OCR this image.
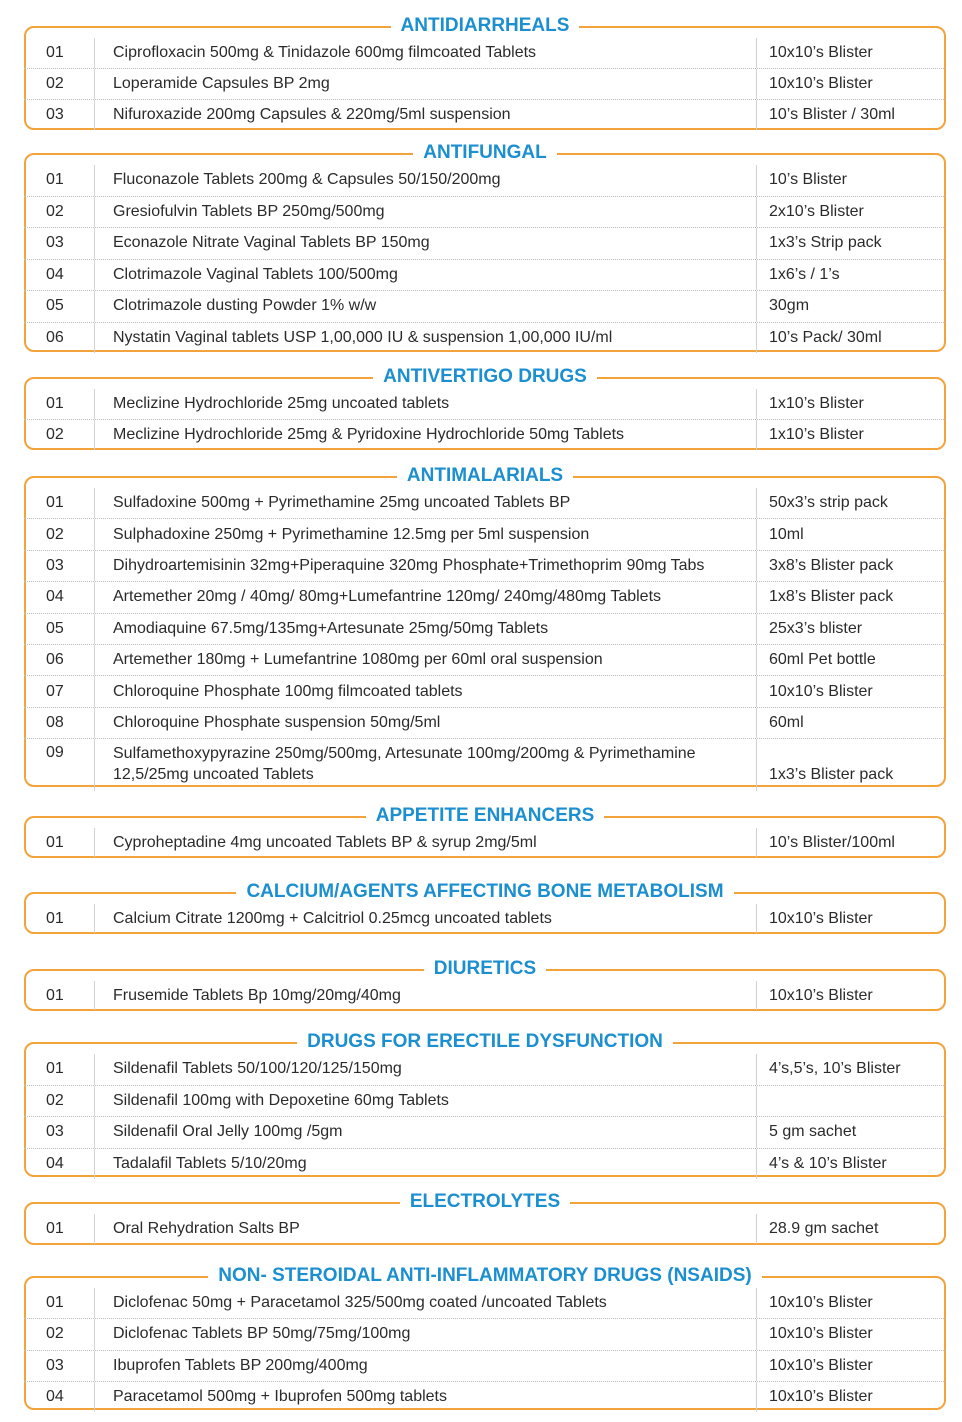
ANTIDIARRHEALS
01	Ciprofloxacin 500mg & Tinidazole 600mg filmcoated Tablets	10x10’s Blister
02	Loperamide Capsules BP 2mg	10x10’s Blister
03	Nifuroxazide 200mg Capsules & 220mg/5ml suspension	10’s Blister / 30ml
ANTIFUNGAL
01	Fluconazole Tablets 200mg & Capsules 50/150/200mg	10’s Blister
02	Gresiofulvin Tablets BP 250mg/500mg	2x10’s Blister
03	Econazole Nitrate Vaginal Tablets BP 150mg	1x3’s Strip pack
04	Clotrimazole Vaginal Tablets 100/500mg	1x6’s / 1’s
05	Clotrimazole dusting Powder 1% w/w	30gm
06	Nystatin Vaginal tablets USP 1,00,000 IU & suspension 1,00,000 IU/ml	10’s Pack/ 30ml
ANTIVERTIGO DRUGS
01	Meclizine Hydrochloride 25mg uncoated tablets	1x10’s Blister
02	Meclizine Hydrochloride 25mg & Pyridoxine Hydrochloride 50mg Tablets	1x10’s Blister
ANTIMALARIALS
01	Sulfadoxine 500mg + Pyrimethamine 25mg uncoated Tablets BP	50x3’s strip pack
02	Sulphadoxine 250mg + Pyrimethamine 12.5mg per 5ml suspension	10ml
03	Dihydroartemisinin 32mg+Piperaquine 320mg Phosphate+Trimethoprim 90mg Tabs	3x8’s Blister pack
04	Artemether 20mg / 40mg/ 80mg+Lumefantrine 120mg/ 240mg/480mg Tablets	1x8’s Blister pack
05	Amodiaquine 67.5mg/135mg+Artesunate 25mg/50mg Tablets	25x3’s blister
06	Artemether 180mg + Lumefantrine 1080mg per 60ml oral suspension	60ml Pet bottle
07	Chloroquine Phosphate 100mg filmcoated tablets	10x10’s Blister
08	Chloroquine Phosphate suspension 50mg/5ml	60ml
09	Sulfamethoxypyrazine 250mg/500mg, Artesunate 100mg/200mg & Pyrimethamine 12,5/25mg uncoated Tablets	1x3’s Blister pack
APPETITE ENHANCERS
01	Cyproheptadine 4mg uncoated Tablets BP & syrup 2mg/5ml	10’s Blister/100ml
CALCIUM/AGENTS AFFECTING BONE METABOLISM
01	Calcium Citrate 1200mg + Calcitriol 0.25mcg uncoated tablets	10x10’s Blister
DIURETICS
01	Frusemide Tablets Bp 10mg/20mg/40mg	10x10’s Blister
DRUGS FOR ERECTILE DYSFUNCTION
01	Sildenafil Tablets 50/100/120/125/150mg	4’s,5’s, 10’s Blister
02	Sildenafil 100mg with Depoxetine 60mg Tablets
03	Sildenafil Oral Jelly 100mg /5gm	5 gm sachet
04	Tadalafil Tablets 5/10/20mg	4’s & 10’s Blister
ELECTROLYTES
01	Oral Rehydration Salts BP	28.9 gm sachet
NON- STEROIDAL ANTI-INFLAMMATORY DRUGS (NSAIDS)
01	Diclofenac 50mg + Paracetamol 325/500mg coated /uncoated Tablets	10x10’s Blister
02	Diclofenac Tablets BP 50mg/75mg/100mg	10x10’s Blister
03	Ibuprofen Tablets BP 200mg/400mg	10x10’s Blister
04	Paracetamol 500mg + Ibuprofen 500mg tablets	10x10’s Blister
